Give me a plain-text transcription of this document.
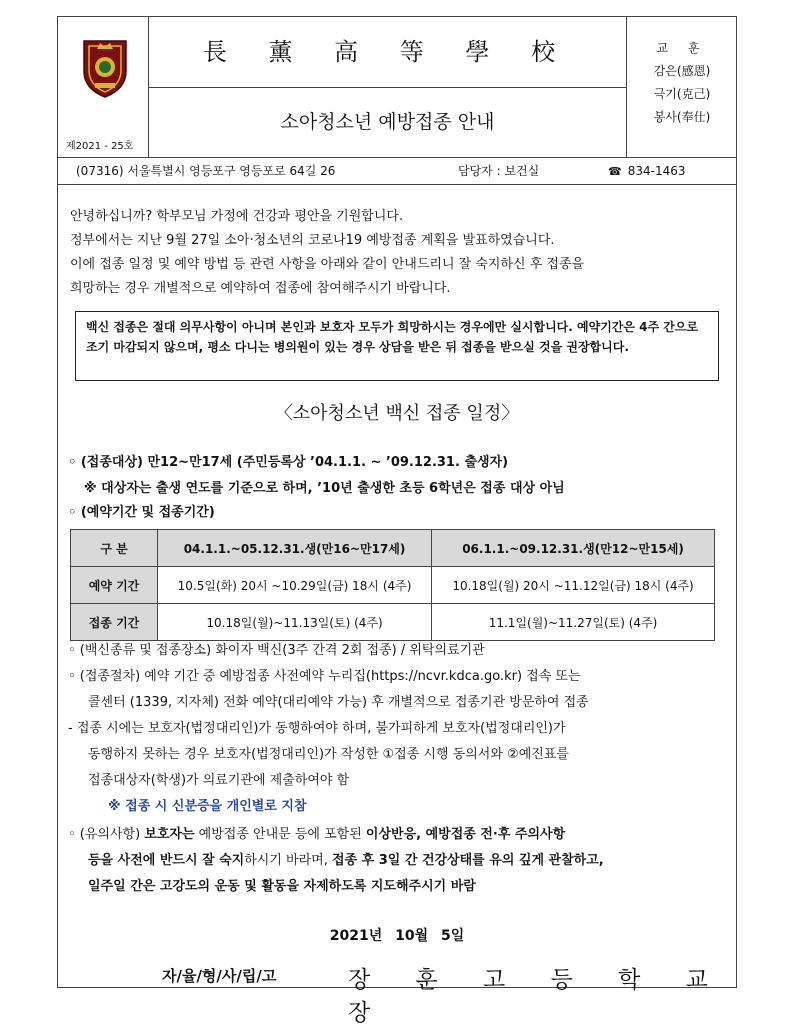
제2021 - 25호
長 薰 高 等 學 校
소아청소년 예방접종 안내
교 훈
감은(感恩)
극기(克己)
봉사(奉仕)
(07316) 서울특별시 영등포구 영등포로 64길 26	담당자 : 보건실	☎ 834-1463

안녕하십니까? 학부모님 가정에 건강과 평안을 기원합니다.

정부에서는 지난 9월 27일 소아·청소년의 코로나19 예방접종 계획을 발표하였습니다.

이에 접종 일정 및 예약 방법 등 관련 사항을 아래와 같이 안내드리니 잘 숙지하신 후 접종을

희망하는 경우 개별적으로 예약하여 접종에 참여해주시기 바랍니다.

백신 접종은 절대 의무사항이 아니며 본인과 보호자 모두가 희망하시는 경우에만 실시합니다. 예약기간은 4주 간으로 조기 마감되지 않으며, 평소 다니는 병의원이 있는 경우 상담을 받은 뒤 접종을 받으실 것을 권장합니다.
〈소아청소년 백신 접종 일정〉
◦ (접종대상) 만12~만17세 (주민등록상 ’04.1.1. ~ ’09.12.31. 출생자)
※ 대상자는 출생 연도를 기준으로 하며, ’10년 출생한 초등 6학년은 접종 대상 아님
◦ (예약기간 및 접종기간)
구 분	04.1.1.~05.12.31.생(만16~만17세)	06.1.1.~09.12.31.생(만12~만15세)
예약 기간	10.5일(화) 20시 ~10.29일(금) 18시 (4주)	10.18일(월) 20시 ~11.12일(금) 18시 (4주)
접종 기간	10.18일(월)~11.13일(토) (4주)	11.1일(월)~11.27일(토) (4주)
◦ (백신종류 및 접종장소) 화이자 백신(3주 간격 2회 접종) / 위탁의료기관
◦ (접종절차) 예약 기간 중 예방접종 사전예약 누리집(https://ncvr.kdca.go.kr) 접속 또는
콜센터 (1339, 지자체) 전화 예약(대리예약 가능) 후 개별적으로 접종기관 방문하여 접종
- 접종 시에는 보호자(법정대리인)가 동행하여야 하며, 불가피하게 보호자(법정대리인)가
동행하지 못하는 경우 보호자(법정대리인)가 작성한 ①접종 시행 동의서와 ②예진표를
접종대상자(학생)가 의료기관에 제출하여야 함
※ 접종 시 신분증을 개인별로 지참
◦ (유의사항) 보호자는 예방접종 안내문 등에 포함된 이상반응, 예방접종 전·후 주의사항
등을 사전에 반드시 잘 숙지하시기 바라며, 접종 후 3일 간 건강상태를 유의 깊게 관찰하고,
일주일 간은 고강도의 운동 및 활동을 자제하도록 지도해주시기 바람
2021년 10월 5일
자/율/형/사/립/고	장 훈 고 등 학 교 장
